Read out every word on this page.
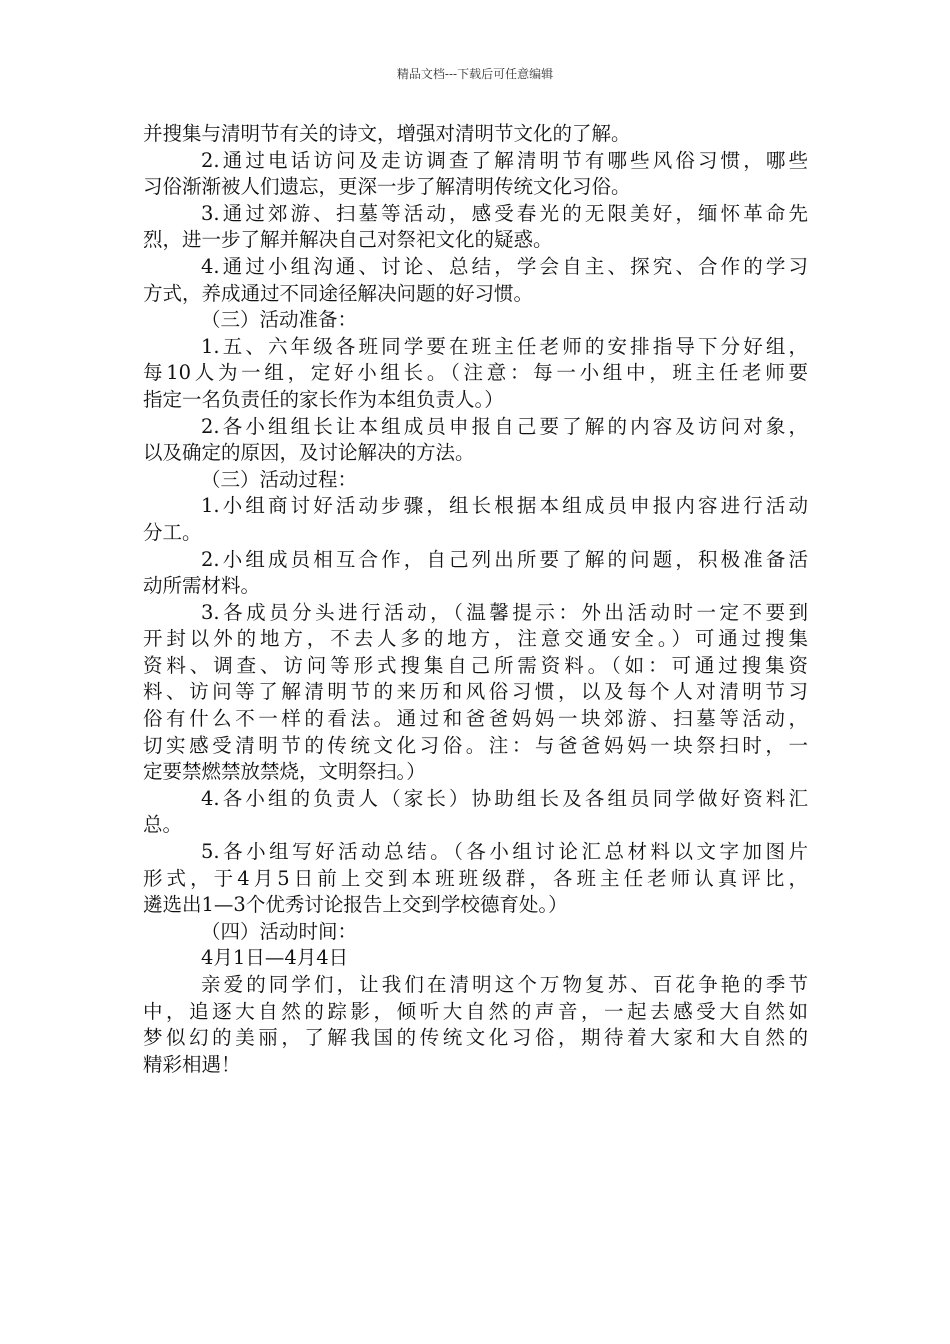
精品文档---下载后可任意编辑
并搜集与清明节有关的诗文，增强对清明节文化的了解。
2.通过电话访问及走访调查了解清明节有哪些风俗习惯，哪些
习俗渐渐被人们遗忘，更深一步了解清明传统文化习俗。
3.通过郊游、扫墓等活动，感受春光的无限美好，缅怀革命先
烈，进一步了解并解决自己对祭祀文化的疑惑。
4.通过小组沟通、讨论、总结，学会自主、探究、合作的学习
方式，养成通过不同途径解决问题的好习惯。
（三）活动准备：
1.五、六年级各班同学要在班主任老师的安排指导下分好组，
每10人为一组，定好小组长。（注意：每一小组中，班主任老师要
指定一名负责任的家长作为本组负责人。）
2.各小组组长让本组成员申报自己要了解的内容及访问对象，
以及确定的原因，及讨论解决的方法。
（三）活动过程：
1.小组商讨好活动步骤，组长根据本组成员申报内容进行活动
分工。
2.小组成员相互合作，自己列出所要了解的问题，积极准备活
动所需材料。
3.各成员分头进行活动，（温馨提示：外出活动时一定不要到
开封以外的地方，不去人多的地方，注意交通安全。）可通过搜集
资料、调查、访问等形式搜集自己所需资料。（如：可通过搜集资
料、访问等了解清明节的来历和风俗习惯，以及每个人对清明节习
俗有什么不一样的看法。通过和爸爸妈妈一块郊游、扫墓等活动，
切实感受清明节的传统文化习俗。注：与爸爸妈妈一块祭扫时，一
定要禁燃禁放禁烧，文明祭扫。）
4.各小组的负责人（家长）协助组长及各组员同学做好资料汇
总。
5.各小组写好活动总结。（各小组讨论汇总材料以文字加图片
形式，于4月5日前上交到本班班级群，各班主任老师认真评比，
遴选出1—3个优秀讨论报告上交到学校德育处。）
（四）活动时间：
4月1日—4月4日
亲爱的同学们，让我们在清明这个万物复苏、百花争艳的季节
中，追逐大自然的踪影，倾听大自然的声音，一起去感受大自然如
梦似幻的美丽，了解我国的传统文化习俗，期待着大家和大自然的
精彩相遇！
